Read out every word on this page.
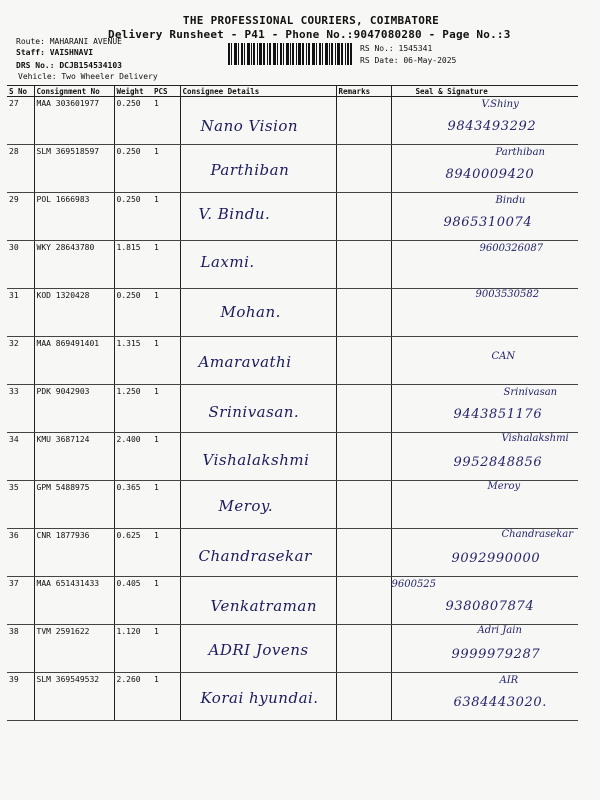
THE PROFESSIONAL COURIERS, COIMBATORE
Delivery Runsheet - P41 - Phone No.:9047080280 - Page No.:3
Route: MAHARANI AVENUE
Staff: VAISHNAVI
DRS No.: DCJB154534103
Vehicle: Two Wheeler Delivery
RS No.: 1545341
RS Date: 06-May-2025
S No	Consignment No	Weight	PCS	Consignee Details	Remarks	Seal & Signature
27	MAA 303601977	0.250	1	Nano Vision		V.Shiny
9843493292

28	SLM 369518597	0.250	1	Parthiban		Parthiban
8940009420

29	POL 1666983	0.250	1	V. Bindu.		Bindu
9865310074

30	WKY 28643780	1.815	1	Laxmi.		9600326087

31	KOD 1320428	0.250	1	Mohan.		9003530582

32	MAA 869491401	1.315	1	Amaravathi		CAN

33	PDK 9042903	1.250	1	Srinivasan.		Srinivasan
9443851176

34	KMU 3687124	2.400	1	Vishalakshmi		Vishalakshmi
9952848856

35	GPM 5488975	0.365	1	Meroy.		Meroy

36	CNR 1877936	0.625	1	Chandrasekar		Chandrasekar
9092990000

37	MAA 651431433	0.405	1	Venkatraman		9600525
9380807874

38	TVM 2591622	1.120	1	ADRI Jovens		Adri Jain
9999979287

39	SLM 369549532	2.260	1	Korai hyundai.		AIR
6384443020.
